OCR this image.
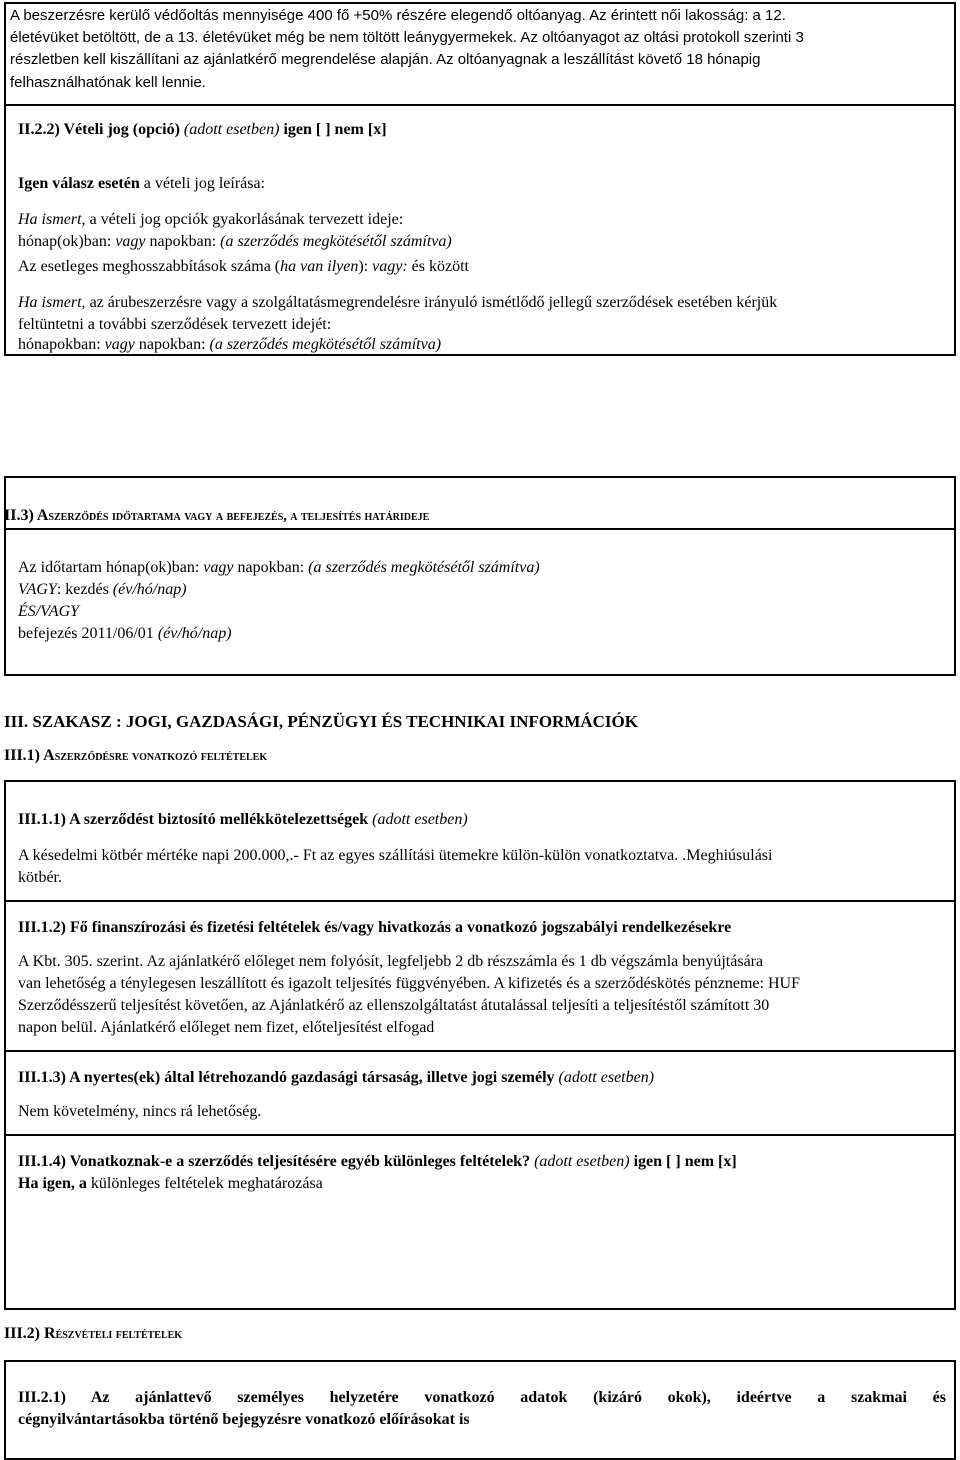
A beszerzésre kerülő védőoltás mennyisége 400 fő +50% részére elegendő oltóanyag. Az érintett női lakosság: a 12.
életévüket betöltött, de a 13. életévüket még be nem töltött leánygyermekek. Az oltóanyagot az oltási protokoll szerinti 3
részletben kell kiszállítani az ajánlatkérő megrendelése alapján. Az oltóanyagnak a leszállítást követő 18 hónapig
felhasználhatónak kell lennie.
II.2.2) Vételi jog (opció) (adott esetben) igen [ ] nem [x]
Igen válasz esetén a vételi jog leírása:
Ha ismert, a vételi jog opciók gyakorlásának tervezett ideje:
hónap(ok)ban: vagy napokban: (a szerződés megkötésétől számítva)
Az esetleges meghosszabbítások száma (ha van ilyen): vagy: és között
Ha ismert, az árubeszerzésre vagy a szolgáltatásmegrendelésre irányuló ismétlődő jellegű szerződések esetében kérjük
feltüntetni a további szerződések tervezett idejét:
hónapokban: vagy napokban: (a szerződés megkötésétől számítva)
II.3) Aszerződés időtartama vagy a befejezés, a teljesítés határideje
Az időtartam hónap(ok)ban: vagy napokban: (a szerződés megkötésétől számítva)
VAGY: kezdés (év/hó/nap)
ÉS/VAGY
befejezés 2011/06/01 (év/hó/nap)
III. SZAKASZ : JOGI, GAZDASÁGI, PÉNZÜGYI ÉS TECHNIKAI INFORMÁCIÓK
III.1) Aszerződésre vonatkozó feltételek
III.1.1) A szerződést biztosító mellékkötelezettségek (adott esetben)
A késedelmi kötbér mértéke napi 200.000,.- Ft az egyes szállítási ütemekre külön-külön vonatkoztatva. .Meghiúsulási
kötbér.
III.1.2) Fő finanszírozási és fizetési feltételek és/vagy hivatkozás a vonatkozó jogszabályi rendelkezésekre
A Kbt. 305. szerint. Az ajánlatkérő előleget nem folyósít, legfeljebb 2 db részszámla és 1 db végszámla benyújtására
van lehetőség a ténylegesen leszállított és igazolt teljesítés függvényében. A kifizetés és a szerződéskötés pénzneme: HUF
Szerződésszerű teljesítést követően, az Ajánlatkérő az ellenszolgáltatást átutalással teljesíti a teljesítéstől számított 30
napon belül. Ajánlatkérő előleget nem fizet, előteljesítést elfogad
III.1.3) A nyertes(ek) által létrehozandó gazdasági társaság, illetve jogi személy (adott esetben)
Nem követelmény, nincs rá lehetőség.
III.1.4) Vonatkoznak-e a szerződés teljesítésére egyéb különleges feltételek? (adott esetben) igen [ ] nem [x]
Ha igen, a különleges feltételek meghatározása
III.2) Részvételi feltételek
III.2.1) Az ajánlattevő személyes helyzetére vonatkozó adatok (kizáró okok), ideértve a szakmai és
cégnyilvántartásokba történő bejegyzésre vonatkozó előírásokat is
